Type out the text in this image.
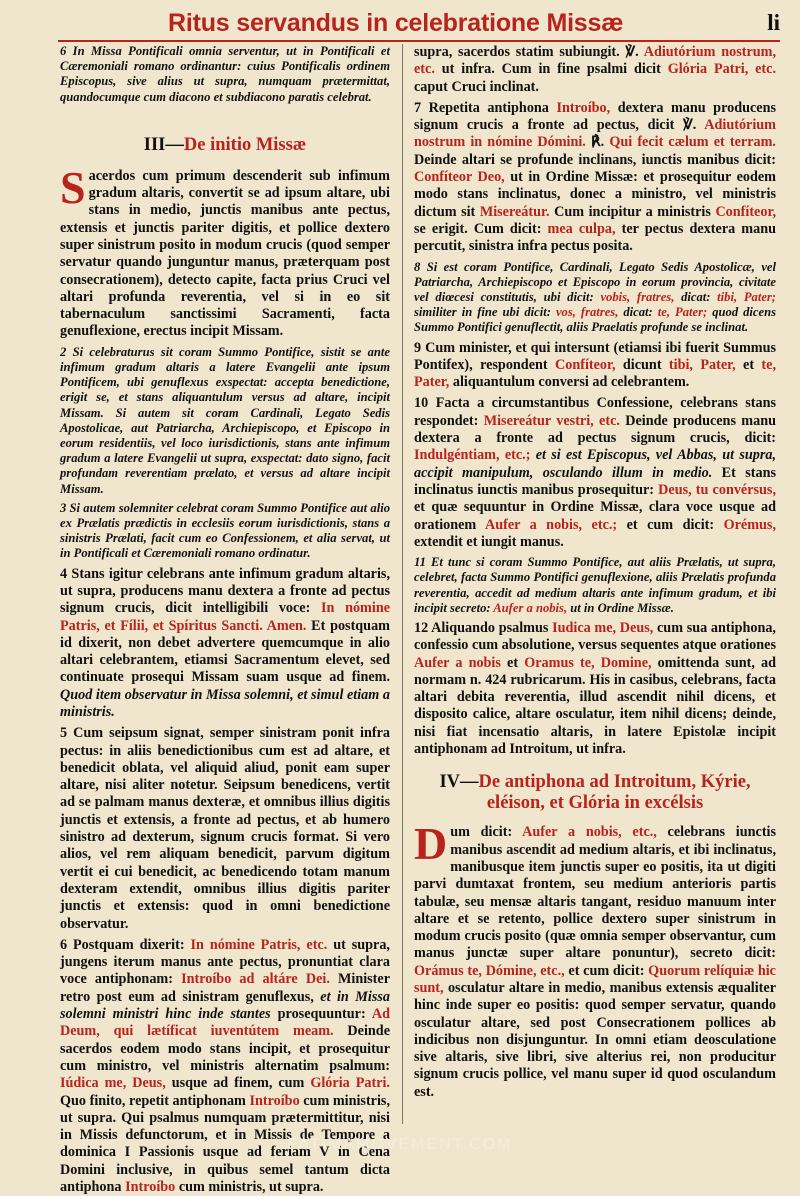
Ritus servandus in celebratione Missæ	li

6 In Missa Pontificali omnia serventur, ut in Pontificali et Cæremoniali romano ordinantur: cuius Pontificalis ordinem Episcopus, sive alius ut supra, numquam prætermittat, quandocumque cum diacono et subdiacono paratis celebrat.

III—De initio Missæ

Sacerdos cum primum descenderit sub infimum gradum altaris, convertit se ad ipsum altare, ubi stans in medio, junctis manibus ante pectus, extensis et junctis pariter digitis, et pollice dextero super sinistrum posito in modum crucis (quod semper servatur quando junguntur manus, præterquam post consecrationem), detecto capite, facta prius Cruci vel altari profunda reverentia, vel si in eo sit tabernaculum sanctissimi Sacramenti, facta genuflexione, erectus incipit Missam.

2 Si celebraturus sit coram Summo Pontifice, sistit se ante infimum gradum altaris a latere Evangelii ante ipsum Pontificem, ubi genuflexus exspectat: accepta benedictione, erigit se, et stans aliquantulum versus ad altare, incipit Missam. Si autem sit coram Cardinali, Legato Sedis Apostolicae, aut Patriarcha, Archiepiscopo, et Episcopo in eorum residentiis, vel loco iurisdictionis, stans ante infimum gradum a latere Evangelii ut supra, exspectat: dato signo, facit profundam reverentiam prælato, et versus ad altare incipit Missam.

3 Si autem solemniter celebrat coram Summo Pontifice aut alio ex Prælatis prædictis in ecclesiis eorum iurisdictionis, stans a sinistris Prælati, facit cum eo Confessionem, et alia servat, ut in Pontificali et Cæremoniali romano ordinatur.

4 Stans igitur celebrans ante infimum gradum altaris, ut supra, producens manu dextera a fronte ad pectus signum crucis, dicit intelligibili voce: In nómine Patris, et Fílii, et Spíritus Sancti. Amen. Et postquam id dixerit, non debet advertere quemcumque in alio altari celebrantem, etiamsi Sacramentum elevet, sed continuate prosequi Missam suam usque ad finem. Quod item observatur in Missa solemni, et simul etiam a ministris.

5 Cum seipsum signat, semper sinistram ponit infra pectus: in aliis benedictionibus cum est ad altare, et benedicit oblata, vel aliquid aliud, ponit eam super altare, nisi aliter notetur. Seipsum benedicens, vertit ad se palmam manus dexteræ, et omnibus illius digitis junctis et extensis, a fronte ad pectus, et ab humero sinistro ad dexterum, signum crucis format. Si vero alios, vel rem aliquam benedicit, parvum digitum vertit ei cui benedicit, ac benedicendo totam manum dexteram extendit, omnibus illius digitis pariter junctis et extensis: quod in omni benedictione observatur.

6 Postquam dixerit: In nómine Patris, etc. ut supra, jungens iterum manus ante pectus, pronuntiat clara voce antiphonam: Introíbo ad altáre Dei. Minister retro post eum ad sinistram genuflexus, et in Missa solemni ministri hinc inde stantes prosequuntur: Ad Deum, qui lætíficat iuventútem meam. Deinde sacerdos eodem modo stans incipit, et prosequitur cum ministro, vel ministris alternatim psalmum: Iúdica me, Deus, usque ad finem, cum Glória Patri. Quo finito, repetit antiphonam Introíbo cum ministris, ut supra. Qui psalmus numquam prætermittitur, nisi in Missis defunctorum, et in Missis de Tempore a dominica I Passionis usque ad feriam V in Cena Domini inclusive, in quibus semel tantum dicta antiphona Introíbo cum ministris, ut supra.

supra, sacerdos statim subiungit. ℣. Adiutórium nostrum, etc. ut infra. Cum in fine psalmi dicit Glória Patri, etc. caput Cruci inclinat.

7 Repetita antiphona Introíbo, dextera manu producens signum crucis a fronte ad pectus, dicit ℣. Adiutórium nostrum in nómine Dómini. ℟. Qui fecit cælum et terram. Deinde altari se profunde inclinans, iunctis manibus dicit: Confíteor Deo, ut in Ordine Missæ: et prosequitur eodem modo stans inclinatus, donec a ministro, vel ministris dictum sit Misereátur. Cum incipitur a ministris Confíteor, se erigit. Cum dicit: mea culpa, ter pectus dextera manu percutit, sinistra infra pectus posita.

8 Si est coram Pontifice, Cardinali, Legato Sedis Apostolicæ, vel Patriarcha, Archiepiscopo et Episcopo in eorum provincia, civitate vel diœcesi constitutis, ubi dicit: vobis, fratres, dicat: tibi, Pater; similiter in fine ubi dicit: vos, fratres, dicat: te, Pater; quod dicens Summo Pontifici genuflectit, aliis Praelatis profunde se inclinat.

9 Cum minister, et qui intersunt (etiamsi ibi fuerit Summus Pontifex), respondent Confíteor, dicunt tibi, Pater, et te, Pater, aliquantulum conversi ad celebrantem.

10 Facta a circumstantibus Confessione, celebrans stans respondet: Misereátur vestri, etc. Deinde producens manu dextera a fronte ad pectus signum crucis, dicit: Indulgéntiam, etc.; et si est Episcopus, vel Abbas, ut supra, accipit manipulum, osculando illum in medio. Et stans inclinatus iunctis manibus prosequitur: Deus, tu convérsus, et quæ sequuntur in Ordine Missæ, clara voce usque ad orationem Aufer a nobis, etc.; et cum dicit: Orémus, extendit et iungit manus.

11 Et tunc si coram Summo Pontifice, aut aliis Prælatis, ut supra, celebret, facta Summo Pontifici genuflexione, aliis Prælatis profunda reverentia, accedit ad medium altaris ante infimum gradum, et ibi incipit secreto: Aufer a nobis, ut in Ordine Missæ.

12 Aliquando psalmus Iudica me, Deus, cum sua antiphona, confessio cum absolutione, versus sequentes atque orationes Aufer a nobis et Oramus te, Domine, omittenda sunt, ad normam n. 424 rubricarum. His in casibus, celebrans, facta altari debita reverentia, illud ascendit nihil dicens, et disposito calice, altare osculatur, item nihil dicens; deinde, nisi fiat incensatio altaris, in latere Epistolæ incipit antiphonam ad Introitum, ut infra.

IV—De antiphona ad Introitum, Kýrie, eléison, et Glória in excélsis

Dum dicit: Aufer a nobis, etc., celebrans iunctis manibus ascendit ad medium altaris, et ibi inclinatus, manibusque item junctis super eo positis, ita ut digiti parvi dumtaxat frontem, seu medium anterioris partis tabulæ, seu mensæ altaris tangant, residuo manuum inter altare et se retento, pollice dextero super sinistrum in modum crucis posito (quæ omnia semper observantur, cum manus junctæ super altare ponuntur), secreto dicit: Orámus te, Dómine, etc., et cum dicit: Quorum relíquiæ hic sunt, osculatur altare in medio, manibus extensis æqualiter hinc inde super eo positis: quod semper servatur, quando osculatur altare, sed post Consecrationem pollices ab indicibus non disjunguntur. In omni etiam deosculatione sive altaris, sive libri, sive alterius rei, non producitur signum crucis pollice, vel manu super id quod osculandum est.

FATIMAMOVEMENT.COM
